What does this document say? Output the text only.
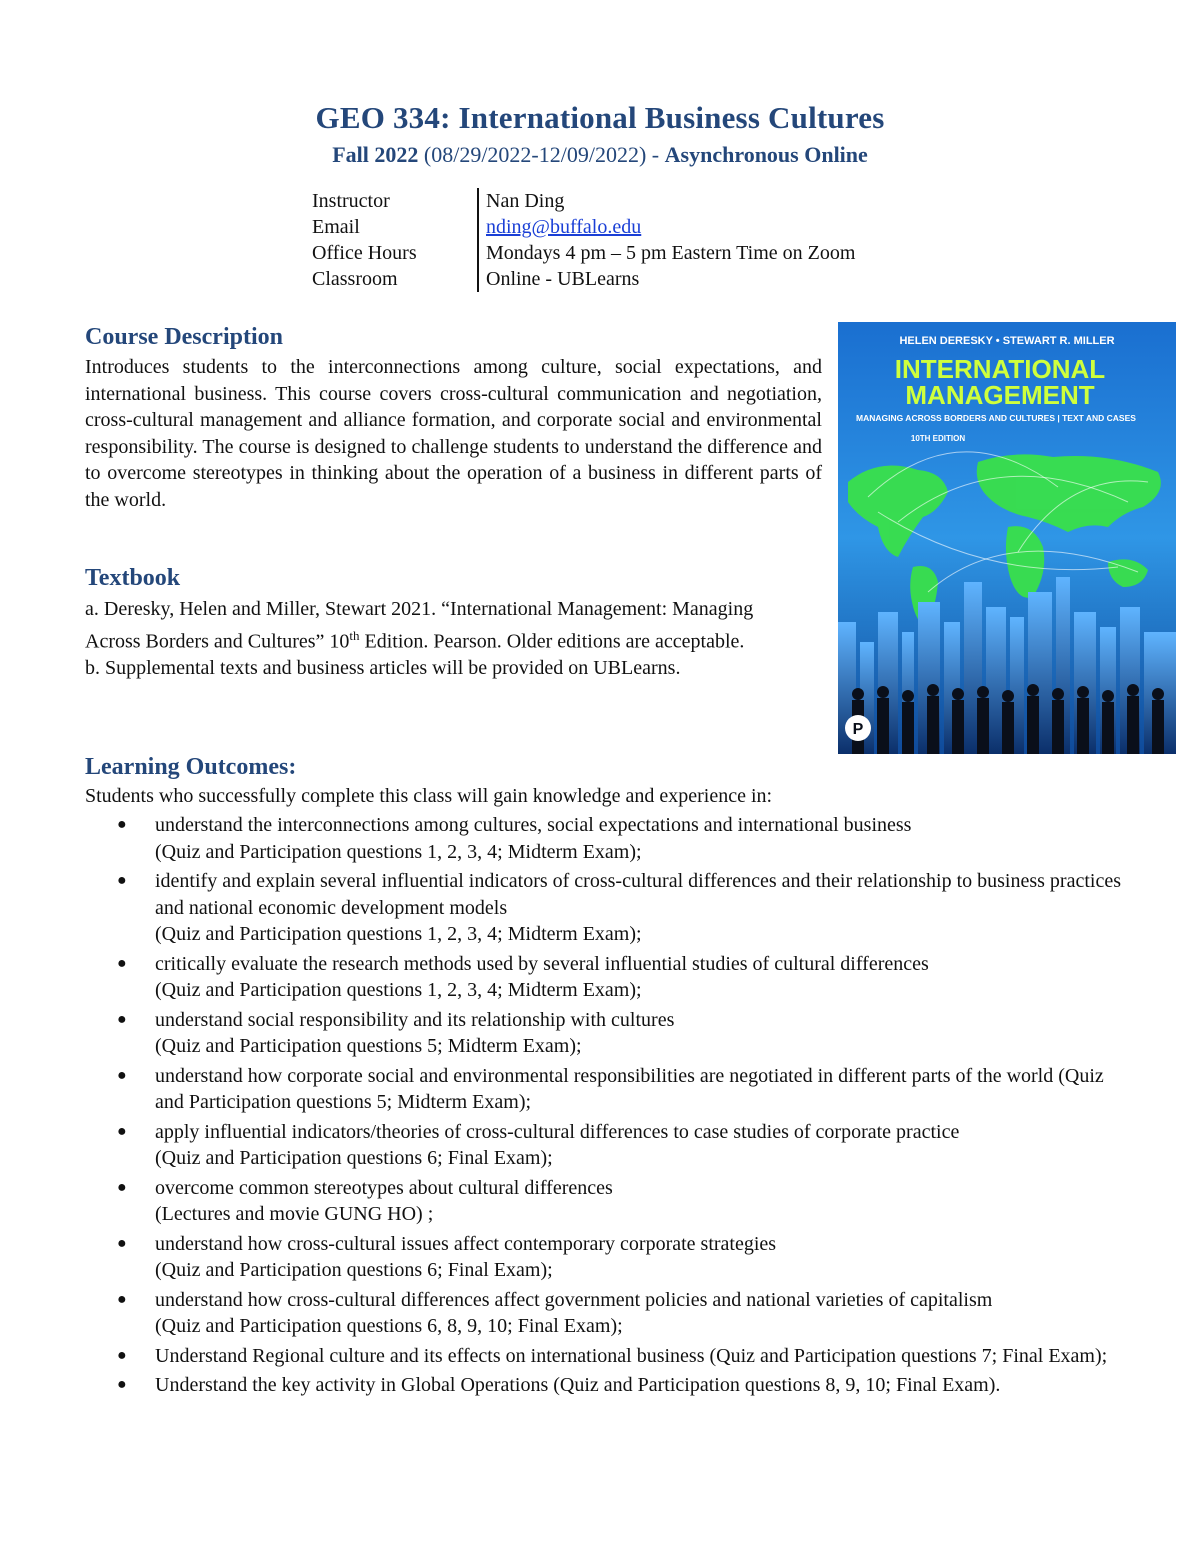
GEO 334: International Business Cultures
Fall 2022 (08/29/2022-12/09/2022) - Asynchronous Online
Instructor	Nan Ding
Email	nding@buffalo.edu
Office Hours	Mondays 4 pm – 5 pm Eastern Time on Zoom
Classroom	Online - UBLearns
Course Description
Introduces students to the interconnections among culture, social expectations, and international business. This course covers cross-cultural communication and negotiation, cross-cultural management and alliance formation, and corporate social and environmental responsibility. The course is designed to challenge students to understand the difference and to overcome stereotypes in thinking about the operation of a business in different parts of the world.
Textbook

a. Deresky, Helen and Miller, Stewart 2021. “International Management: Managing Across Borders and Cultures” 10th Edition. Pearson. Older editions are acceptable.

b. Supplemental texts and business articles will be provided on UBLearns.

HELEN DERESKY • STEWART R. MILLER
INTERNATIONAL
MANAGEMENT
MANAGING ACROSS BORDERS AND CULTURES | TEXT AND CASES
10TH EDITION
P
Learning Outcomes:
Students who successfully complete this class will gain knowledge and experience in:
● understand the interconnections among cultures, social expectations and international business
(Quiz and Participation questions 1, 2, 3, 4; Midterm Exam);
● identify and explain several influential indicators of cross-cultural differences and their relationship to business practices and national economic development models
(Quiz and Participation questions 1, 2, 3, 4; Midterm Exam);
● critically evaluate the research methods used by several influential studies of cultural differences
(Quiz and Participation questions 1, 2, 3, 4; Midterm Exam);
● understand social responsibility and its relationship with cultures
(Quiz and Participation questions 5; Midterm Exam);
● understand how corporate social and environmental responsibilities are negotiated in different parts of the world (Quiz and Participation questions 5; Midterm Exam);
● apply influential indicators/theories of cross-cultural differences to case studies of corporate practice
(Quiz and Participation questions 6; Final Exam);
● overcome common stereotypes about cultural differences
(Lectures and movie GUNG HO) ;
● understand how cross-cultural issues affect contemporary corporate strategies
(Quiz and Participation questions 6; Final Exam);
● understand how cross-cultural differences affect government policies and national varieties of capitalism
(Quiz and Participation questions 6, 8, 9, 10; Final Exam);
● Understand Regional culture and its effects on international business (Quiz and Participation questions 7; Final Exam);
● Understand the key activity in Global Operations (Quiz and Participation questions 8, 9, 10; Final Exam).
